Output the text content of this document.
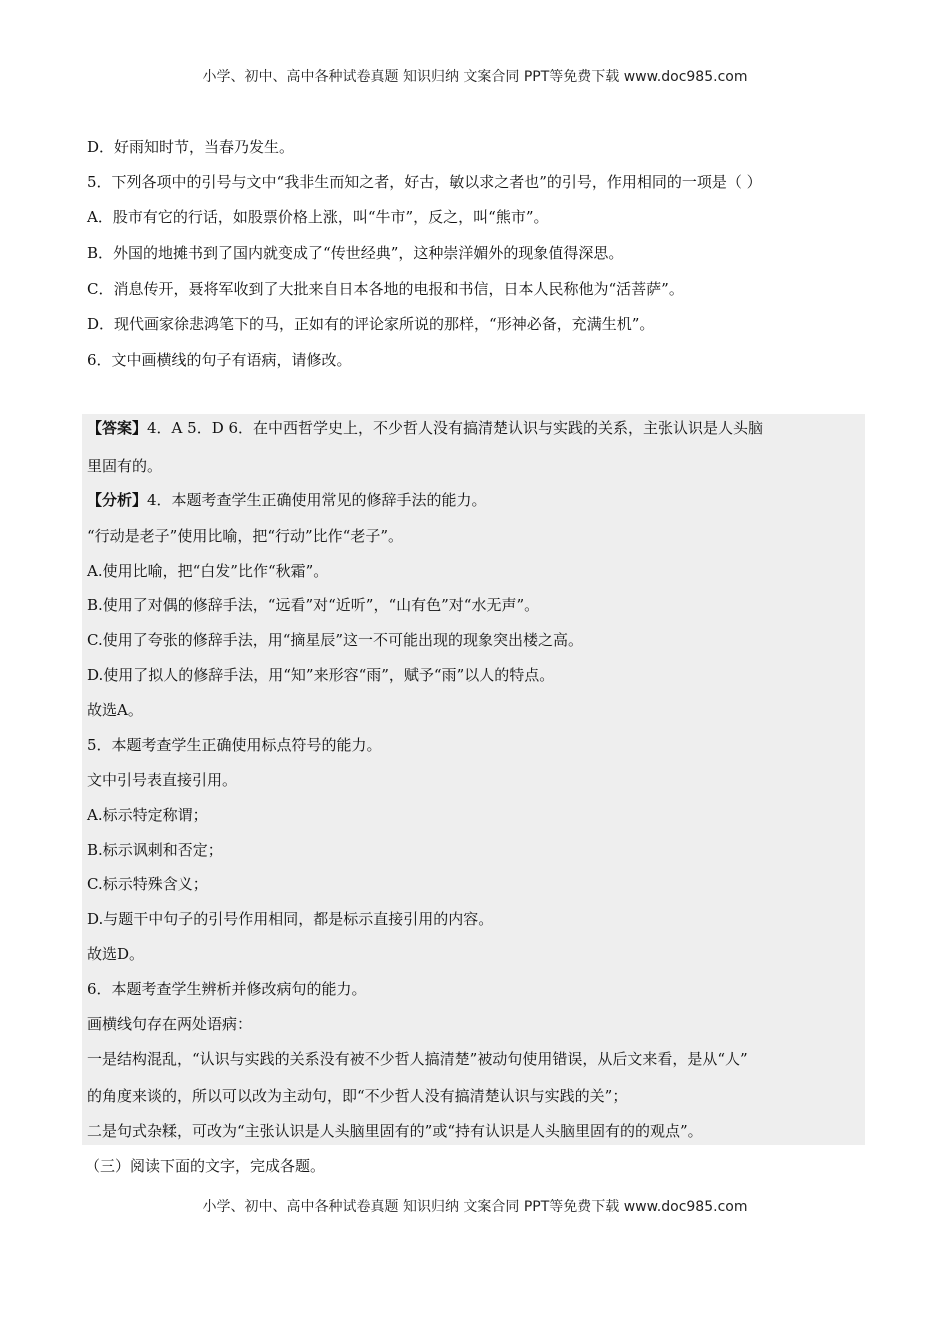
小学、初中、高中各种试卷真题 知识归纳 文案合同 PPT等免费下载 www.doc985.com
D．好雨知时节，当春乃发生。
5．下列各项中的引号与文中“我非生而知之者，好古，敏以求之者也”的引号，作用相同的一项是（ ）
A．股市有它的行话，如股票价格上涨，叫“牛市”，反之，叫“熊市”。
B．外国的地摊书到了国内就变成了“传世经典”，这种崇洋媚外的现象值得深思。
C．消息传开，聂将军收到了大批来自日本各地的电报和书信，日本人民称他为“活菩萨”。
D．现代画家徐悲鸿笔下的马，正如有的评论家所说的那样，“形神必备，充满生机”。
6．文中画横线的句子有语病，请修改。
【答案】4．A 5．D 6．在中西哲学史上，不少哲人没有搞清楚认识与实践的关系，主张认识是人头脑
里固有的。
【分析】4．本题考查学生正确使用常见的修辞手法的能力。
“行动是老子”使用比喻，把“行动”比作“老子”。
A.使用比喻，把“白发”比作“秋霜”。
B.使用了对偶的修辞手法，“远看”对“近听”，“山有色”对“水无声”。
C.使用了夸张的修辞手法，用“摘星辰”这一不可能出现的现象突出楼之高。
D.使用了拟人的修辞手法，用“知”来形容“雨”，赋予“雨”以人的特点。
故选A。
5．本题考查学生正确使用标点符号的能力。
文中引号表直接引用。
A.标示特定称谓；
B.标示讽刺和否定；
C.标示特殊含义；
D.与题干中句子的引号作用相同，都是标示直接引用的内容。
故选D。
6．本题考查学生辨析并修改病句的能力。
画横线句存在两处语病：
一是结构混乱，“认识与实践的关系没有被不少哲人搞清楚”被动句使用错误，从后文来看，是从“人”
的角度来谈的，所以可以改为主动句，即“不少哲人没有搞清楚认识与实践的关”；
二是句式杂糅，可改为“主张认识是人头脑里固有的”或“持有认识是人头脑里固有的的观点”。
（三）阅读下面的文字，完成各题。
小学、初中、高中各种试卷真题 知识归纳 文案合同 PPT等免费下载 www.doc985.com
